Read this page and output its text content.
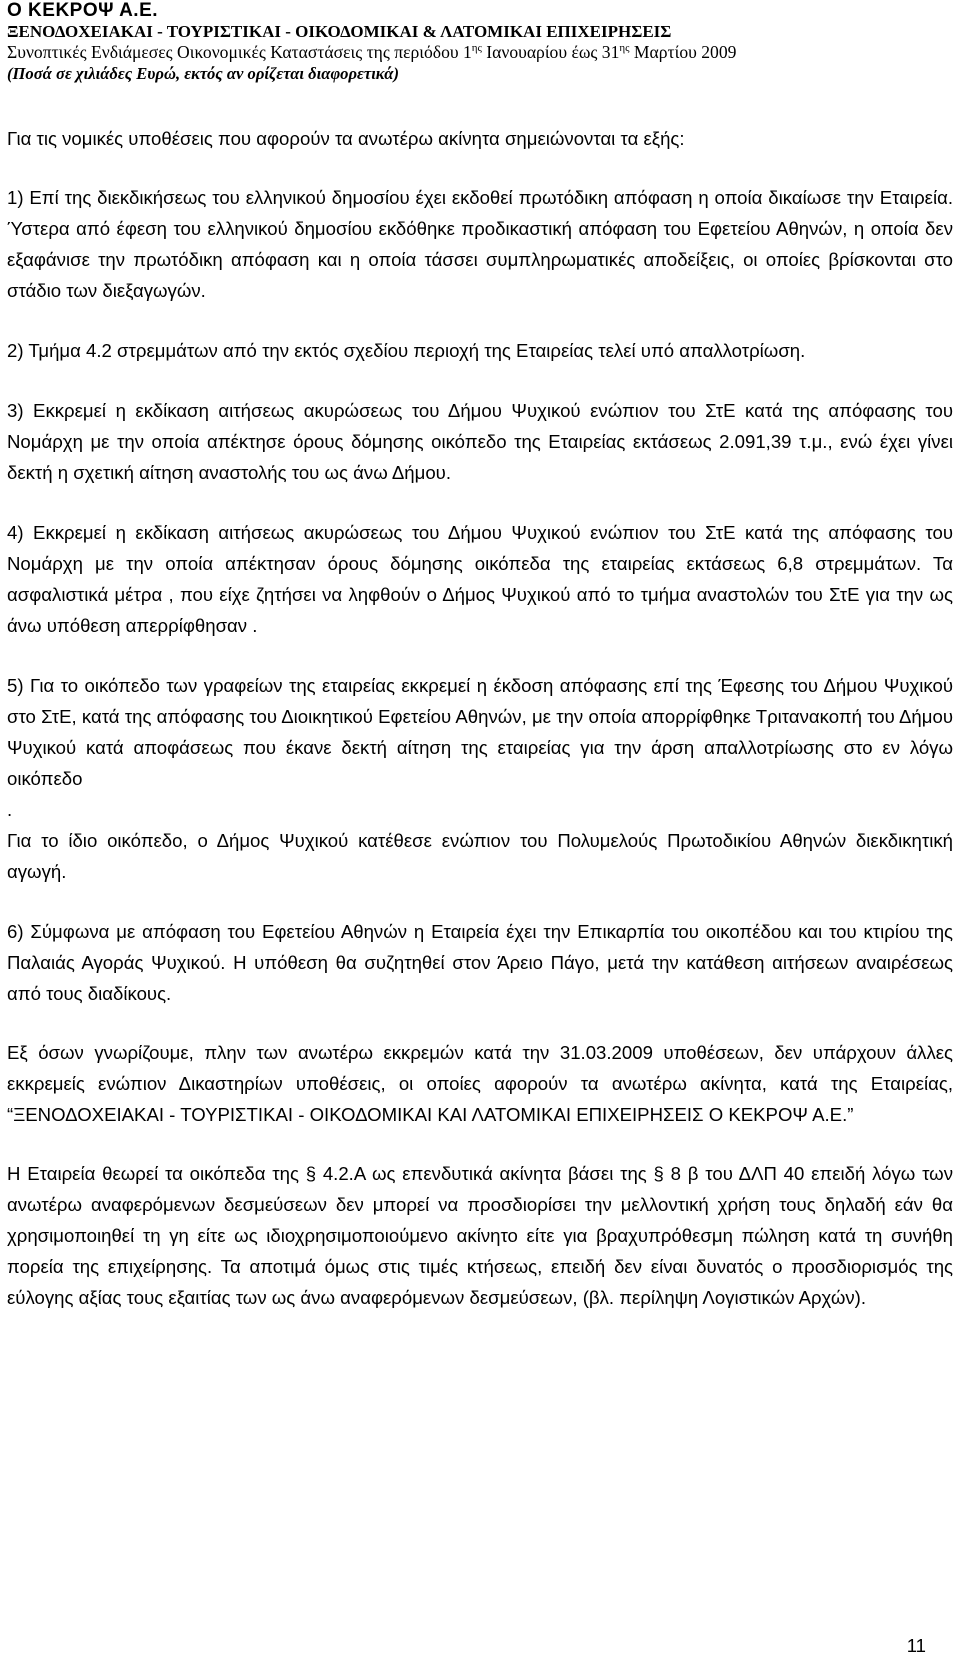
Ο ΚΕΚΡΟΨ Α.Ε.
ΞΕΝΟΔΟΧΕΙΑΚΑΙ - ΤΟΥΡΙΣΤΙΚΑΙ - ΟΙΚΟΔΟΜΙΚΑΙ & ΛΑΤΟΜΙΚΑΙ ΕΠΙΧΕΙΡΗΣΕΙΣ
Συνοπτικές Ενδιάμεσες Οικονομικές Καταστάσεις της περιόδου $1^{\eta\varsigma}$ Ιανουαρίου έως $31^{\eta\varsigma}$ Μαρτίου 2009
(Ποσά σε χιλιάδες Ευρώ, εκτός αν ορίζεται διαφορετικά)

Για τις νομικές υποθέσεις που αφορούν τα ανωτέρω ακίνητα σημειώνονται τα εξής:

1) Επί της διεκδικήσεως του ελληνικού δημοσίου έχει εκδοθεί πρωτόδικη απόφαση η οποία δικαίωσε την Εταιρεία. Ύστερα από έφεση του ελληνικού δημοσίου εκδόθηκε προδικαστική απόφαση του Εφετείου Αθηνών, η οποία δεν εξαφάνισε την πρωτόδικη απόφαση και η οποία τάσσει συμπληρωματικές αποδείξεις, οι οποίες βρίσκονται στο στάδιο των διεξαγωγών.

2) Τμήμα 4.2 στρεμμάτων από την εκτός σχεδίου περιοχή της Εταιρείας τελεί υπό απαλλοτρίωση.

3) Εκκρεμεί η εκδίκαση αιτήσεως ακυρώσεως του Δήμου Ψυχικού ενώπιον του ΣτΕ κατά της απόφασης του Νομάρχη με την οποία απέκτησε όρους δόμησης οικόπεδο της Εταιρείας εκτάσεως 2.091,39 τ.μ., ενώ έχει γίνει δεκτή η σχετική αίτηση αναστολής του ως άνω Δήμου.

4) Εκκρεμεί η εκδίκαση αιτήσεως ακυρώσεως του Δήμου Ψυχικού ενώπιον του ΣτΕ κατά της απόφασης του Νομάρχη με την οποία απέκτησαν όρους δόμησης οικόπεδα της εταιρείας εκτάσεως 6,8 στρεμμάτων. Τα ασφαλιστικά μέτρα , που είχε ζητήσει να ληφθούν ο Δήμος Ψυχικού από το τμήμα αναστολών του ΣτΕ για την ως άνω υπόθεση απερρίφθησαν .

5) Για το οικόπεδο των γραφείων της εταιρείας εκκρεμεί η έκδοση απόφασης επί της Έφεσης του Δήμου Ψυχικού στο ΣτΕ, κατά της απόφασης του Διοικητικού Εφετείου Αθηνών, με την οποία απορρίφθηκε Τριτανακοπή του Δήμου Ψυχικού κατά αποφάσεως που έκανε δεκτή αίτηση της εταιρείας για την άρση απαλλοτρίωσης στο εν λόγω οικόπεδο

.

Για το ίδιο οικόπεδο, ο Δήμος Ψυχικού κατέθεσε ενώπιον του Πολυμελούς Πρωτοδικίου Αθηνών διεκδικητική αγωγή.

6) Σύμφωνα με απόφαση του Εφετείου Αθηνών η Εταιρεία έχει την Επικαρπία του οικοπέδου και του κτιρίου της Παλαιάς Αγοράς Ψυχικού. Η υπόθεση θα συζητηθεί στον Άρειο Πάγο, μετά την κατάθεση αιτήσεων αναιρέσεως από τους διαδίκους.

Εξ όσων γνωρίζουμε, πλην των ανωτέρω εκκρεμών κατά την 31.03.2009 υποθέσεων, δεν υπάρχουν άλλες εκκρεμείς ενώπιον Δικαστηρίων υποθέσεις, οι οποίες αφορούν τα ανωτέρω ακίνητα, κατά της Εταιρείας, “ΞΕΝΟΔΟΧΕΙΑΚΑΙ - ΤΟΥΡΙΣΤΙΚΑΙ - ΟΙΚΟΔΟΜΙΚΑΙ ΚΑΙ ΛΑΤΟΜΙΚΑΙ ΕΠΙΧΕΙΡΗΣΕΙΣ Ο ΚΕΚΡΟΨ Α.Ε.”

Η Εταιρεία θεωρεί τα οικόπεδα της § 4.2.Α ως επενδυτικά ακίνητα βάσει της § 8 β του ΔΛΠ 40 επειδή λόγω των ανωτέρω αναφερόμενων δεσμεύσεων δεν μπορεί να προσδιορίσει την μελλοντική χρήση τους δηλαδή εάν θα χρησιμοποιηθεί τη γη είτε ως ιδιοχρησιμοποιούμενο ακίνητο είτε για βραχυπρόθεσμη πώληση κατά τη συνήθη πορεία της επιχείρησης. Τα αποτιμά όμως στις τιμές κτήσεως, επειδή δεν είναι δυνατός ο προσδιορισμός της εύλογης αξίας τους εξαιτίας των ως άνω αναφερόμενων δεσμεύσεων, (βλ. περίληψη Λογιστικών Αρχών).

11
